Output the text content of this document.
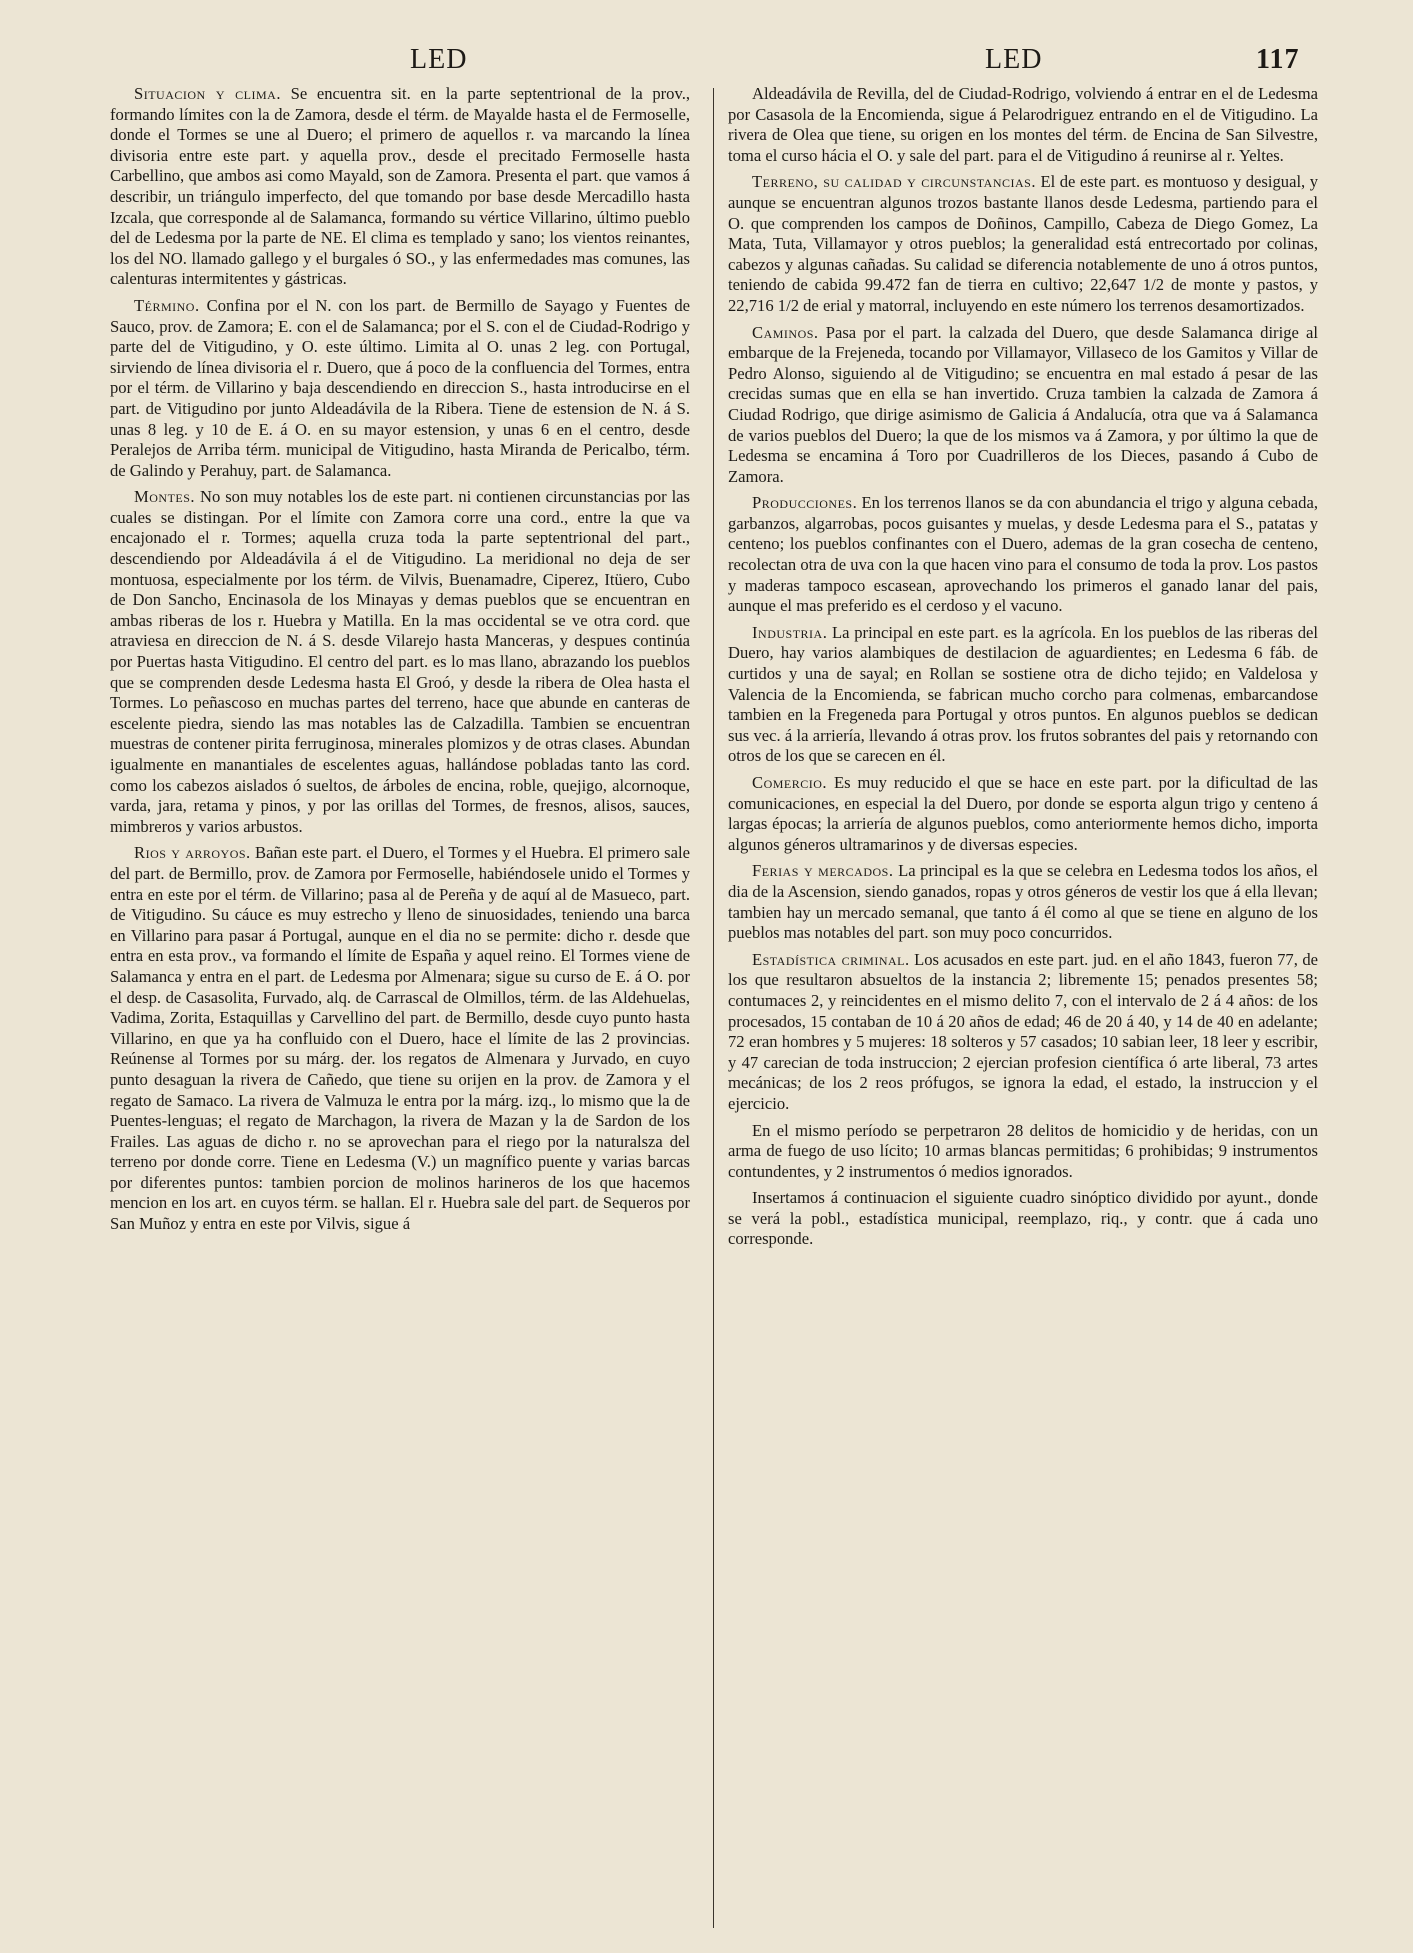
LED	LED	117

Situacion y clima. Se encuentra sit. en la parte septentrional de la prov., formando límites con la de Zamora, desde el térm. de Mayalde hasta el de Fermoselle, donde el Tormes se une al Duero; el primero de aquellos r. va marcando la línea divisoria entre este part. y aquella prov., desde el precitado Fermoselle hasta Carbellino, que ambos asi como Mayald, son de Zamora. Presenta el part. que vamos á describir, un triángulo imperfecto, del que tomando por base desde Mercadillo hasta Izcala, que corresponde al de Salamanca, formando su vértice Villarino, último pueblo del de Ledesma por la parte de NE. El clima es templado y sano; los vientos reinantes, los del NO. llamado gallego y el burgales ó SO., y las enfermedades mas comunes, las calenturas intermitentes y gástricas.

Término. Confina por el N. con los part. de Bermillo de Sayago y Fuentes de Sauco, prov. de Zamora; E. con el de Salamanca; por el S. con el de Ciudad-Rodrigo y parte del de Vitigudino, y O. este último. Limita al O. unas 2 leg. con Portugal, sirviendo de línea divisoria el r. Duero, que á poco de la confluencia del Tormes, entra por el térm. de Villarino y baja descendiendo en direccion S., hasta introducirse en el part. de Vitigudino por junto Aldeadávila de la Ribera. Tiene de estension de N. á S. unas 8 leg. y 10 de E. á O. en su mayor estension, y unas 6 en el centro, desde Peralejos de Arriba térm. municipal de Vitigudino, hasta Miranda de Pericalbo, térm. de Galindo y Perahuy, part. de Salamanca.

Montes. No son muy notables los de este part. ni contienen circunstancias por las cuales se distingan. Por el límite con Zamora corre una cord., entre la que va encajonado el r. Tormes; aquella cruza toda la parte septentrional del part., descendiendo por Aldeadávila á el de Vitigudino. La meridional no deja de ser montuosa, especialmente por los térm. de Vilvis, Buenamadre, Ciperez, Itüero, Cubo de Don Sancho, Encinasola de los Minayas y demas pueblos que se encuentran en ambas riberas de los r. Huebra y Matilla. En la mas occidental se ve otra cord. que atraviesa en direccion de N. á S. desde Vilarejo hasta Manceras, y despues continúa por Puertas hasta Vitigudino. El centro del part. es lo mas llano, abrazando los pueblos que se comprenden desde Ledesma hasta El Groó, y desde la ribera de Olea hasta el Tormes. Lo peñascoso en muchas partes del terreno, hace que abunde en canteras de escelente piedra, siendo las mas notables las de Calzadilla. Tambien se encuentran muestras de contener pirita ferruginosa, minerales plomizos y de otras clases. Abundan igualmente en manantiales de escelentes aguas, hallándose pobladas tanto las cord. como los cabezos aislados ó sueltos, de árboles de encina, roble, quejigo, alcornoque, varda, jara, retama y pinos, y por las orillas del Tormes, de fresnos, alisos, sauces, mimbreros y varios arbustos.

Rios y arroyos. Bañan este part. el Duero, el Tormes y el Huebra. El primero sale del part. de Bermillo, prov. de Zamora por Fermoselle, habiéndosele unido el Tormes y entra en este por el térm. de Villarino; pasa al de Pereña y de aquí al de Masueco, part. de Vitigudino. Su cáuce es muy estrecho y lleno de sinuosidades, teniendo una barca en Villarino para pasar á Portugal, aunque en el dia no se permite: dicho r. desde que entra en esta prov., va formando el límite de España y aquel reino. El Tormes viene de Salamanca y entra en el part. de Ledesma por Almenara; sigue su curso de E. á O. por el desp. de Casasolita, Furvado, alq. de Carrascal de Olmillos, térm. de las Aldehuelas, Vadima, Zorita, Estaquillas y Carvellino del part. de Bermillo, desde cuyo punto hasta Villarino, en que ya ha confluido con el Duero, hace el límite de las 2 provincias. Reúnense al Tormes por su márg. der. los regatos de Almenara y Jurvado, en cuyo punto desaguan la rivera de Cañedo, que tiene su orijen en la prov. de Zamora y el regato de Samaco. La rivera de Valmuza le entra por la márg. izq., lo mismo que la de Puentes-lenguas; el regato de Marchagon, la rivera de Mazan y la de Sardon de los Frailes. Las aguas de dicho r. no se aprovechan para el riego por la naturalsza del terreno por donde corre. Tiene en Ledesma (V.) un magnífico puente y varias barcas por diferentes puntos: tambien porcion de molinos harineros de los que hacemos mencion en los art. en cuyos térm. se hallan. El r. Huebra sale del part. de Sequeros por San Muñoz y entra en este por Vilvis, sigue á

Aldeadávila de Revilla, del de Ciudad-Rodrigo, volviendo á entrar en el de Ledesma por Casasola de la Encomienda, sigue á Pelarodriguez entrando en el de Vitigudino. La rivera de Olea que tiene, su origen en los montes del térm. de Encina de San Silvestre, toma el curso hácia el O. y sale del part. para el de Vitigudino á reunirse al r. Yeltes.

Terreno, su calidad y circunstancias. El de este part. es montuoso y desigual, y aunque se encuentran algunos trozos bastante llanos desde Ledesma, partiendo para el O. que comprenden los campos de Doñinos, Campillo, Cabeza de Diego Gomez, La Mata, Tuta, Villamayor y otros pueblos; la generalidad está entrecortado por colinas, cabezos y algunas cañadas. Su calidad se diferencia notablemente de uno á otros puntos, teniendo de cabida 99.472 fan de tierra en cultivo; 22,647 1/2 de monte y pastos, y 22,716 1/2 de erial y matorral, incluyendo en este número los terrenos desamortizados.

Caminos. Pasa por el part. la calzada del Duero, que desde Salamanca dirige al embarque de la Frejeneda, tocando por Villamayor, Villaseco de los Gamitos y Villar de Pedro Alonso, siguiendo al de Vitigudino; se encuentra en mal estado á pesar de las crecidas sumas que en ella se han invertido. Cruza tambien la calzada de Zamora á Ciudad Rodrigo, que dirige asimismo de Galicia á Andalucía, otra que va á Salamanca de varios pueblos del Duero; la que de los mismos va á Zamora, y por último la que de Ledesma se encamina á Toro por Cuadrilleros de los Dieces, pasando á Cubo de Zamora.

Producciones. En los terrenos llanos se da con abundancia el trigo y alguna cebada, garbanzos, algarrobas, pocos guisantes y muelas, y desde Ledesma para el S., patatas y centeno; los pueblos confinantes con el Duero, ademas de la gran cosecha de centeno, recolectan otra de uva con la que hacen vino para el consumo de toda la prov. Los pastos y maderas tampoco escasean, aprovechando los primeros el ganado lanar del pais, aunque el mas preferido es el cerdoso y el vacuno.

Industria. La principal en este part. es la agrícola. En los pueblos de las riberas del Duero, hay varios alambiques de destilacion de aguardientes; en Ledesma 6 fáb. de curtidos y una de sayal; en Rollan se sostiene otra de dicho tejido; en Valdelosa y Valencia de la Encomienda, se fabrican mucho corcho para colmenas, embarcandose tambien en la Fregeneda para Portugal y otros puntos. En algunos pueblos se dedican sus vec. á la arriería, llevando á otras prov. los frutos sobrantes del pais y retornando con otros de los que se carecen en él.

Comercio. Es muy reducido el que se hace en este part. por la dificultad de las comunicaciones, en especial la del Duero, por donde se esporta algun trigo y centeno á largas épocas; la arriería de algunos pueblos, como anteriormente hemos dicho, importa algunos géneros ultramarinos y de diversas especies.

Ferias y mercados. La principal es la que se celebra en Ledesma todos los años, el dia de la Ascension, siendo ganados, ropas y otros géneros de vestir los que á ella llevan; tambien hay un mercado semanal, que tanto á él como al que se tiene en alguno de los pueblos mas notables del part. son muy poco concurridos.

Estadística criminal. Los acusados en este part. jud. en el año 1843, fueron 77, de los que resultaron absueltos de la instancia 2; libremente 15; penados presentes 58; contumaces 2, y reincidentes en el mismo delito 7, con el intervalo de 2 á 4 años: de los procesados, 15 contaban de 10 á 20 años de edad; 46 de 20 á 40, y 14 de 40 en adelante; 72 eran hombres y 5 mujeres: 18 solteros y 57 casados; 10 sabian leer, 18 leer y escribir, y 47 carecian de toda instruccion; 2 ejercian profesion científica ó arte liberal, 73 artes mecánicas; de los 2 reos prófugos, se ignora la edad, el estado, la instruccion y el ejercicio.

En el mismo período se perpetraron 28 delitos de homicidio y de heridas, con un arma de fuego de uso lícito; 10 armas blancas permitidas; 6 prohibidas; 9 instrumentos contundentes, y 2 instrumentos ó medios ignorados.

Insertamos á continuacion el siguiente cuadro sinóptico dividido por ayunt., donde se verá la pobl., estadística municipal, reemplazo, riq., y contr. que á cada uno corresponde.
